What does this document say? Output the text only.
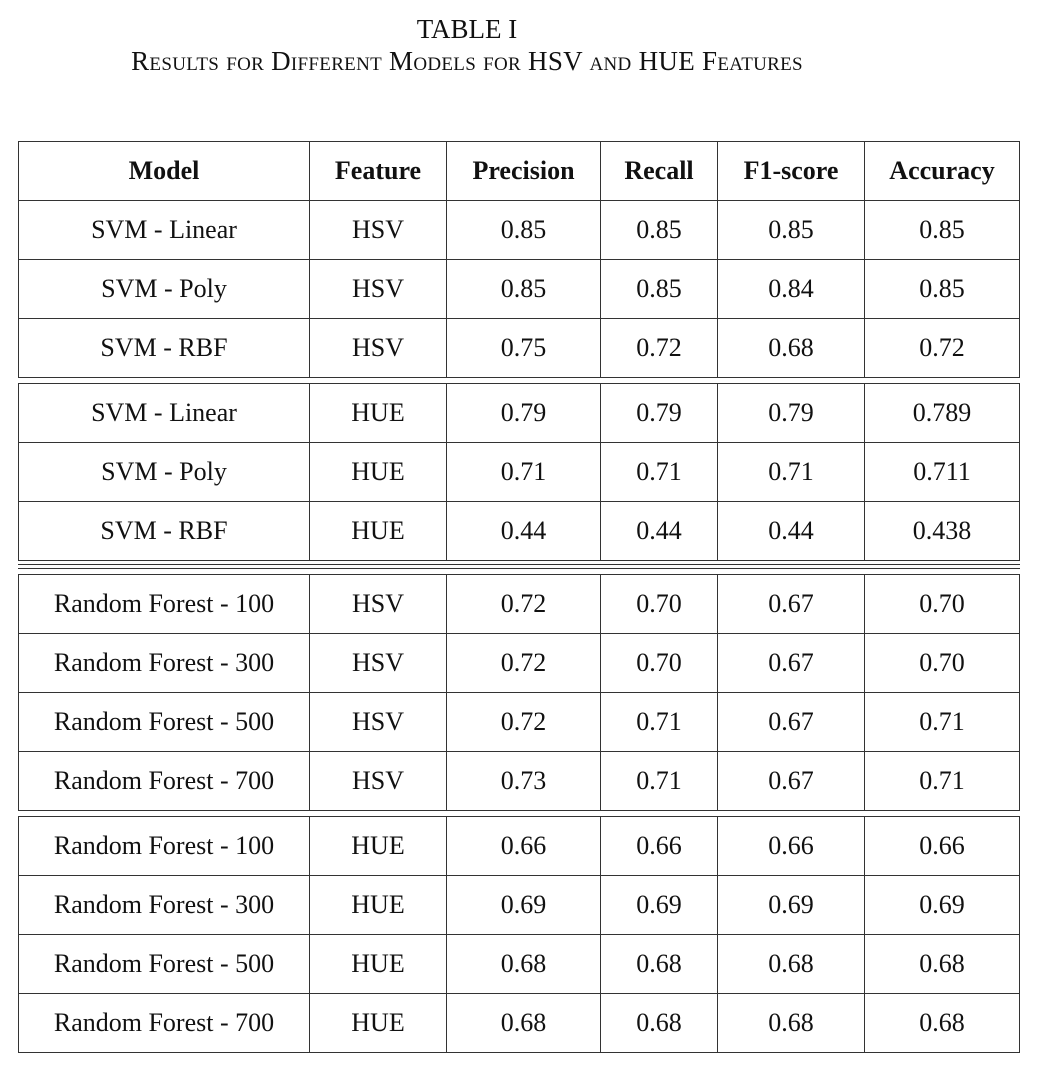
TABLE I
Results for Different Models for HSV and HUE Features
Model	Feature	Precision	Recall	F1-score	Accuracy
SVM - Linear	HSV	0.85	0.85	0.85	0.85
SVM - Poly	HSV	0.85	0.85	0.84	0.85
SVM - RBF	HSV	0.75	0.72	0.68	0.72
SVM - Linear	HUE	0.79	0.79	0.79	0.789
SVM - Poly	HUE	0.71	0.71	0.71	0.711
SVM - RBF	HUE	0.44	0.44	0.44	0.438
Random Forest - 100	HSV	0.72	0.70	0.67	0.70
Random Forest - 300	HSV	0.72	0.70	0.67	0.70
Random Forest - 500	HSV	0.72	0.71	0.67	0.71
Random Forest - 700	HSV	0.73	0.71	0.67	0.71
Random Forest - 100	HUE	0.66	0.66	0.66	0.66
Random Forest - 300	HUE	0.69	0.69	0.69	0.69
Random Forest - 500	HUE	0.68	0.68	0.68	0.68
Random Forest - 700	HUE	0.68	0.68	0.68	0.68
